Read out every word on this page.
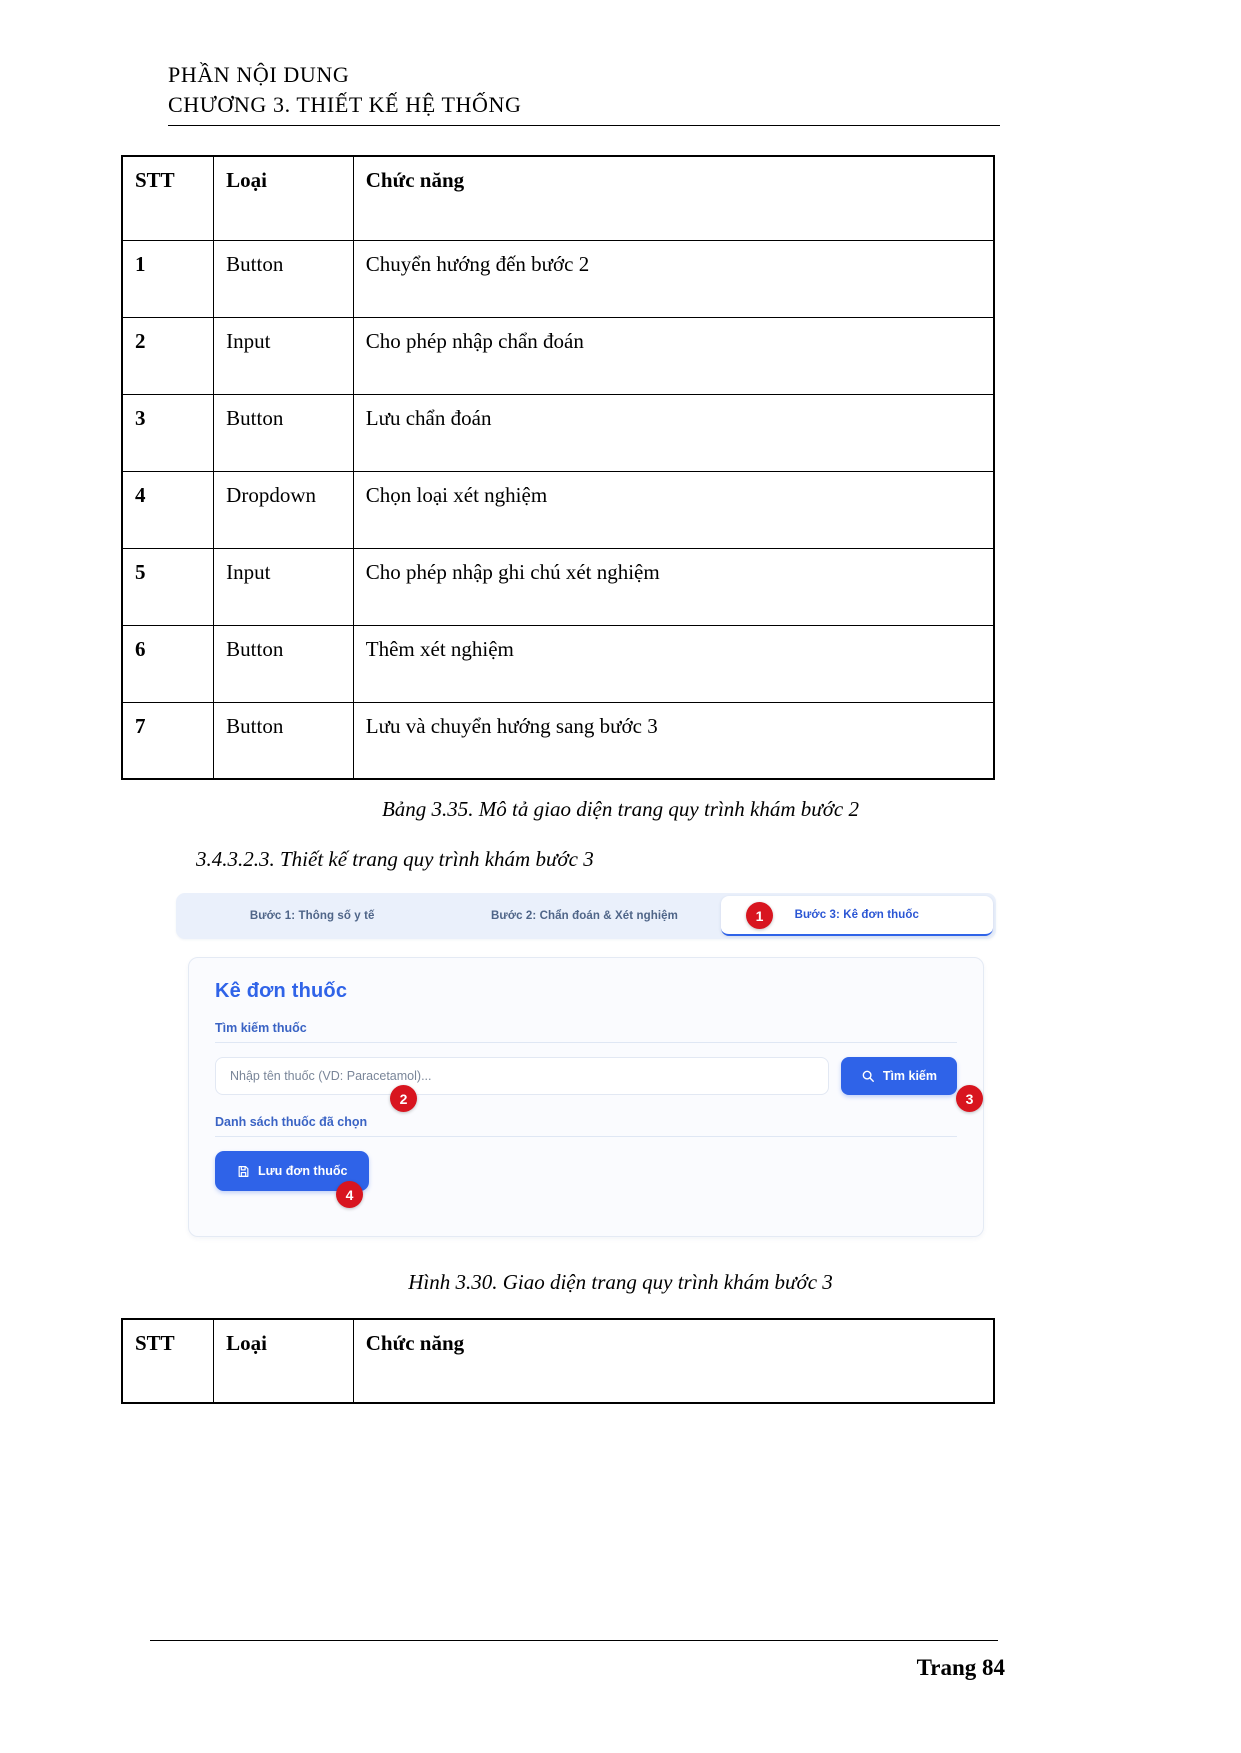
PHẦN NỘI DUNG
CHƯƠNG 3. THIẾT KẾ HỆ THỐNG
STT	Loại	Chức năng
1	Button	Chuyển hướng đến bước 2
2	Input	Cho phép nhập chẩn đoán
3	Button	Lưu chẩn đoán
4	Dropdown	Chọn loại xét nghiệm
5	Input	Cho phép nhập ghi chú xét nghiệm
6	Button	Thêm xét nghiệm
7	Button	Lưu và chuyển hướng sang bước 3
Bảng 3.35. Mô tả giao diện trang quy trình khám bước 2
3.4.3.2.3. Thiết kế trang quy trình khám bước 3
Bước 1: Thông số y tế	Bước 2: Chẩn đoán & Xét nghiệm	Bước 3: Kê đơn thuốc
Kê đơn thuốc
Tìm kiếm thuốc
Nhập tên thuốc (VD: Paracetamol)...	Tìm kiếm
Danh sách thuốc đã chọn
Lưu đơn thuốc
1
2	3
4
Hình 3.30. Giao diện trang quy trình khám bước 3
STT	Loại	Chức năng
Trang 84
